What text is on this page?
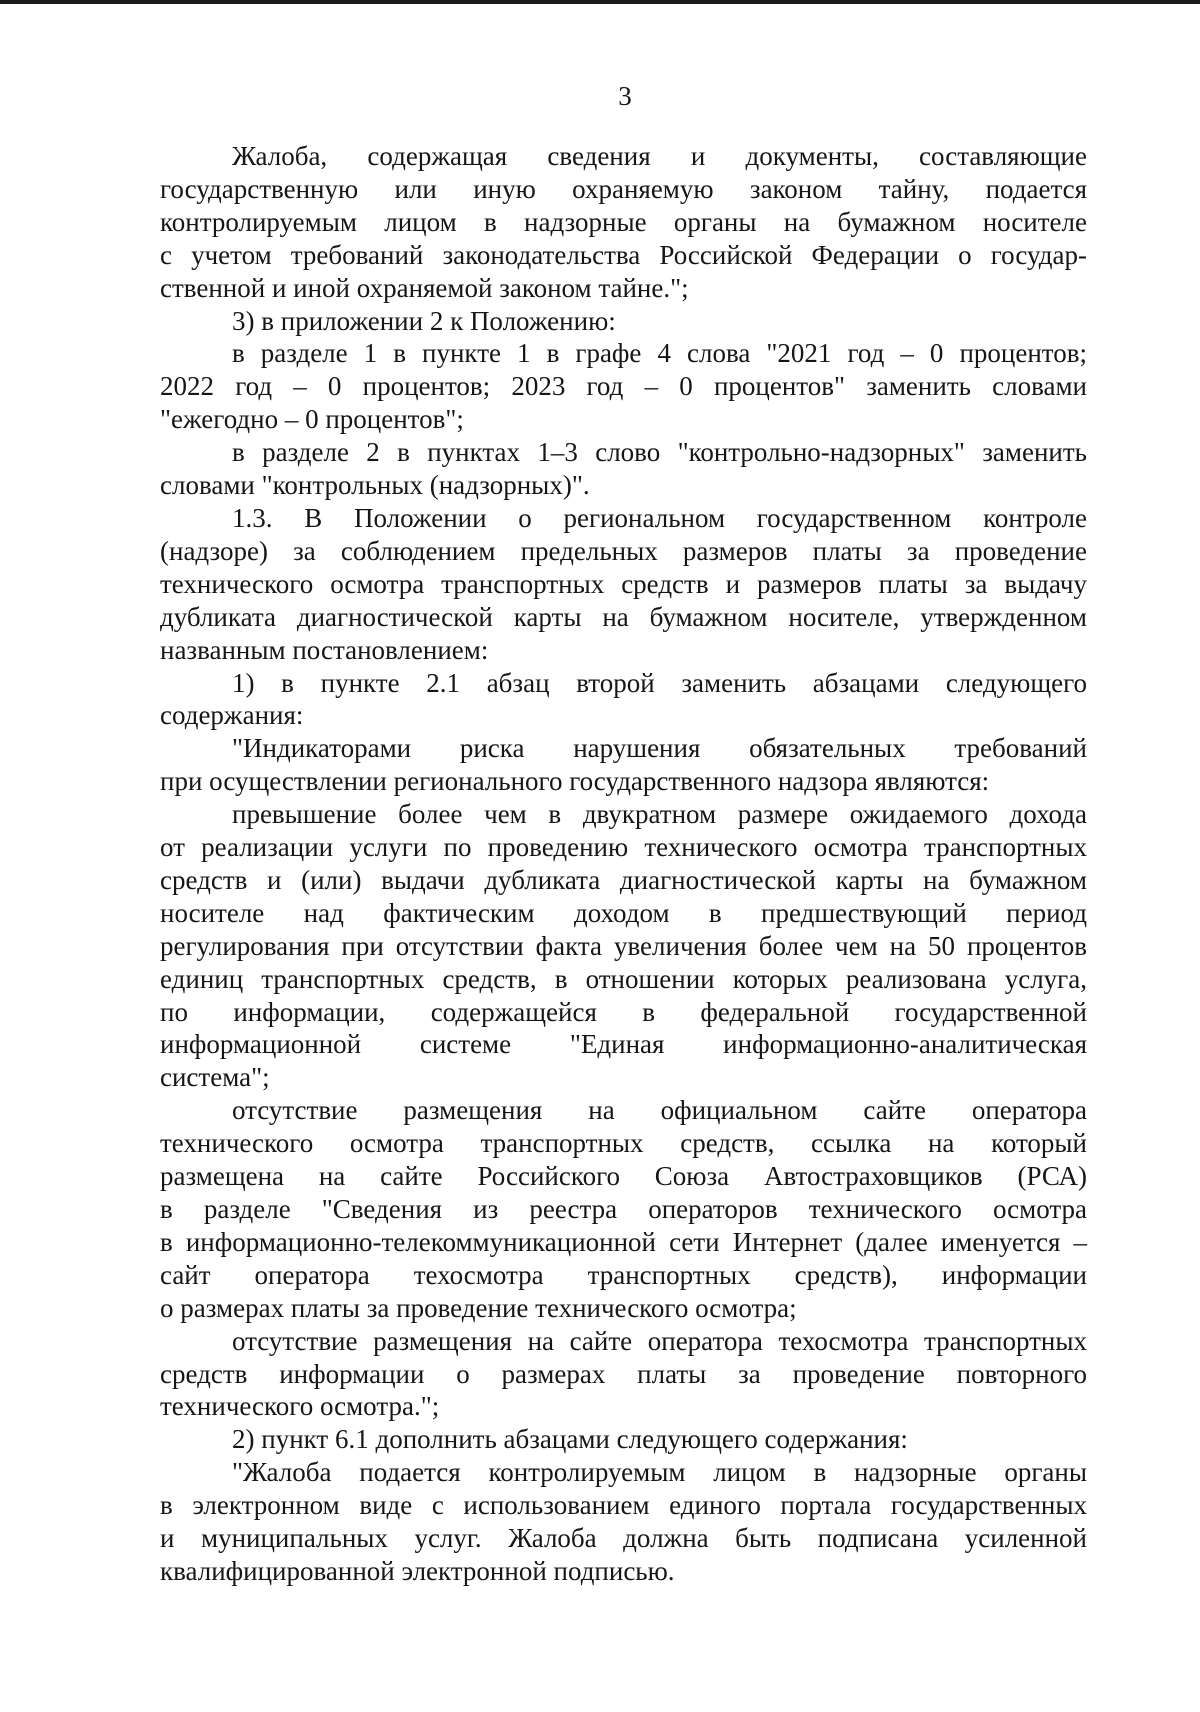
3
Жалоба, содержащая сведения и документы, составляющие
государственную или иную охраняемую законом тайну, подается
контролируемым лицом в надзорные органы на бумажном носителе
с учетом требований законодательства Российской Федерации о государ-
ственной и иной охраняемой законом тайне.";
3) в приложении 2 к Положению:
в разделе 1 в пункте 1 в графе 4 слова "2021 год – 0 процентов;
2022 год – 0 процентов; 2023 год – 0 процентов" заменить словами
"ежегодно – 0 процентов";
в разделе 2 в пунктах 1–3 слово "контрольно-надзорных" заменить
словами "контрольных (надзорных)".
1.3. В Положении о региональном государственном контроле
(надзоре) за соблюдением предельных размеров платы за проведение
технического осмотра транспортных средств и размеров платы за выдачу
дубликата диагностической карты на бумажном носителе, утвержденном
названным постановлением:
1) в пункте 2.1 абзац второй заменить абзацами следующего
содержания:
"Индикаторами риска нарушения обязательных требований
при осуществлении регионального государственного надзора являются:
превышение более чем в двукратном размере ожидаемого дохода
от реализации услуги по проведению технического осмотра транспортных
средств и (или) выдачи дубликата диагностической карты на бумажном
носителе над фактическим доходом в предшествующий период
регулирования при отсутствии факта увеличения более чем на 50 процентов
единиц транспортных средств, в отношении которых реализована услуга,
по информации, содержащейся в федеральной государственной
информационной системе "Единая информационно-аналитическая
система";
отсутствие размещения на официальном сайте оператора
технического осмотра транспортных средств, ссылка на который
размещена на сайте Российского Союза Автостраховщиков (РСА)
в разделе "Сведения из реестра операторов технического осмотра
в информационно-телекоммуникационной сети Интернет (далее именуется –
сайт оператора техосмотра транспортных средств), информации
о размерах платы за проведение технического осмотра;
отсутствие размещения на сайте оператора техосмотра транспортных
средств информации о размерах платы за проведение повторного
технического осмотра.";
2) пункт 6.1 дополнить абзацами следующего содержания:
"Жалоба подается контролируемым лицом в надзорные органы
в электронном виде с использованием единого портала государственных
и муниципальных услуг. Жалоба должна быть подписана усиленной
квалифицированной электронной подписью.
